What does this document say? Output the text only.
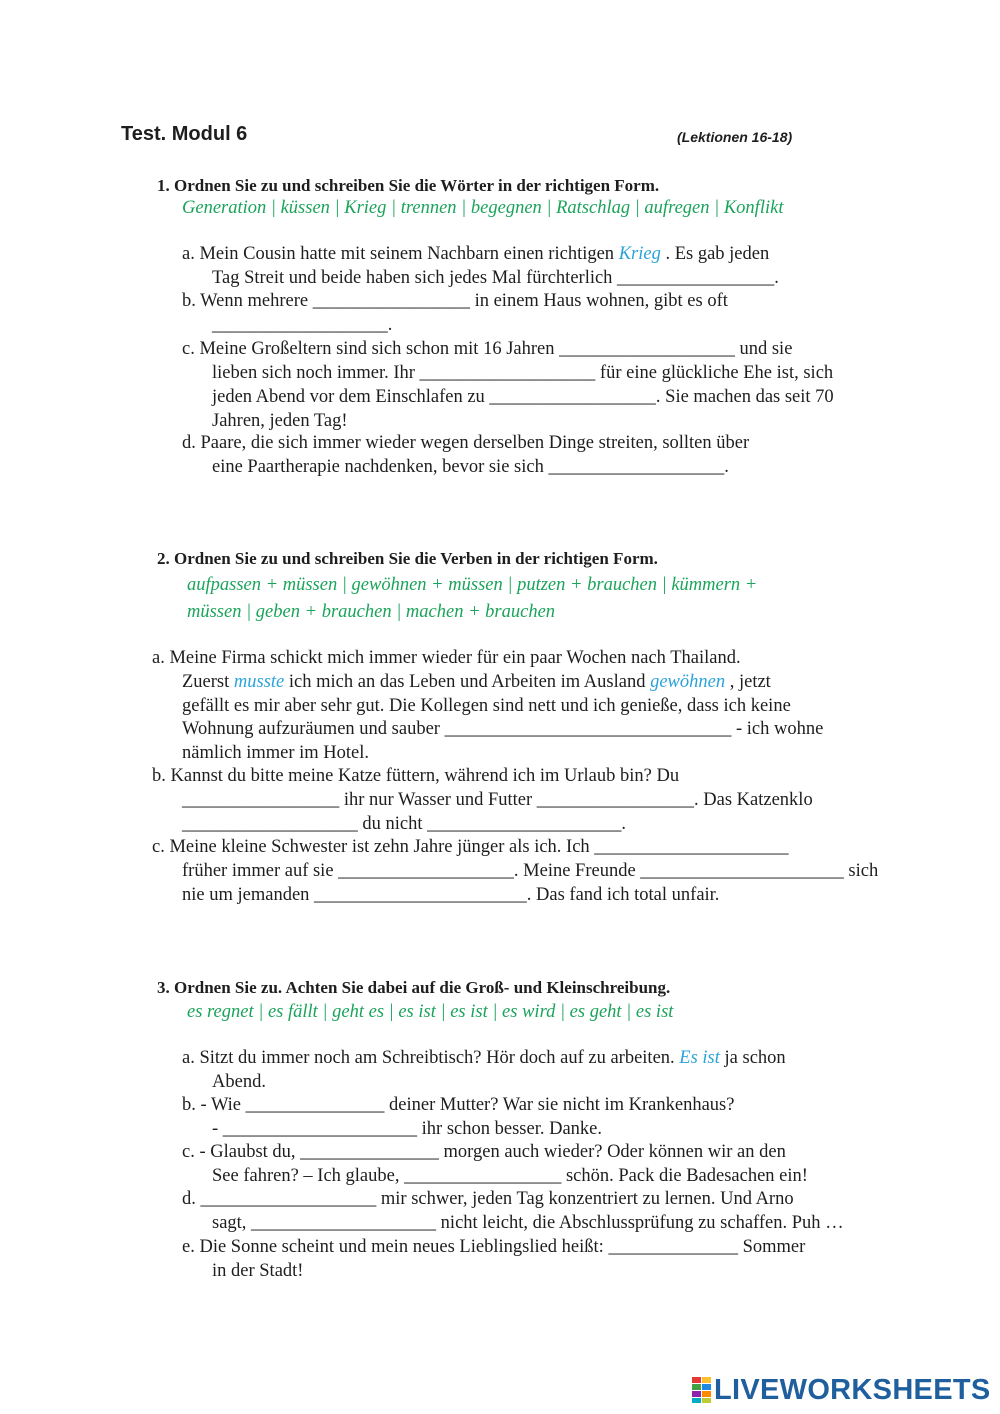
Test. Modul 6	(Lektionen 16-18)
1. Ordnen Sie zu und schreiben Sie die Wörter in der richtigen Form.
Generation | küssen | Krieg | trennen | begegnen | Ratschlag | aufregen | Konflikt
a. Mein Cousin hatte mit seinem Nachbarn einen richtigen Krieg . Es gab jeden
Tag Streit und beide haben sich jedes Mal fürchterlich _________________.
b. Wenn mehrere _________________ in einem Haus wohnen, gibt es oft
___________________.
c. Meine Großeltern sind sich schon mit 16 Jahren ___________________ und sie
lieben sich noch immer. Ihr ___________________ für eine glückliche Ehe ist, sich
jeden Abend vor dem Einschlafen zu __________________. Sie machen das seit 70
Jahren, jeden Tag!
d. Paare, die sich immer wieder wegen derselben Dinge streiten, sollten über
eine Paartherapie nachdenken, bevor sie sich ___________________.
2. Ordnen Sie zu und schreiben Sie die Verben in der richtigen Form.
aufpassen + müssen | gewöhnen + müssen | putzen + brauchen | kümmern +
müssen | geben + brauchen | machen + brauchen
a. Meine Firma schickt mich immer wieder für ein paar Wochen nach Thailand.
Zuerst musste ich mich an das Leben und Arbeiten im Ausland gewöhnen , jetzt
gefällt es mir aber sehr gut. Die Kollegen sind nett und ich genieße, dass ich keine
Wohnung aufzuräumen und sauber _______________________________ - ich wohne
nämlich immer im Hotel.
b. Kannst du bitte meine Katze füttern, während ich im Urlaub bin? Du
_________________ ihr nur Wasser und Futter _________________. Das Katzenklo
___________________ du nicht _____________________.
c. Meine kleine Schwester ist zehn Jahre jünger als ich. Ich _____________________
früher immer auf sie ___________________. Meine Freunde ______________________ sich
nie um jemanden _______________________. Das fand ich total unfair.
3. Ordnen Sie zu. Achten Sie dabei auf die Groß- und Kleinschreibung.
es regnet | es fällt | geht es | es ist | es ist | es wird | es geht | es ist
a. Sitzt du immer noch am Schreibtisch? Hör doch auf zu arbeiten. Es ist ja schon
Abend.
b. - Wie _______________ deiner Mutter? War sie nicht im Krankenhaus?
- _____________________ ihr schon besser. Danke.
c. - Glaubst du, _______________ morgen auch wieder? Oder können wir an den
See fahren? – Ich glaube, _________________ schön. Pack die Badesachen ein!
d. ___________________ mir schwer, jeden Tag konzentriert zu lernen. Und Arno
sagt, ____________________ nicht leicht, die Abschlussprüfung zu schaffen. Puh …
e. Die Sonne scheint und mein neues Lieblingslied heißt: ______________ Sommer
in der Stadt!
LIVEWORKSHEETS
